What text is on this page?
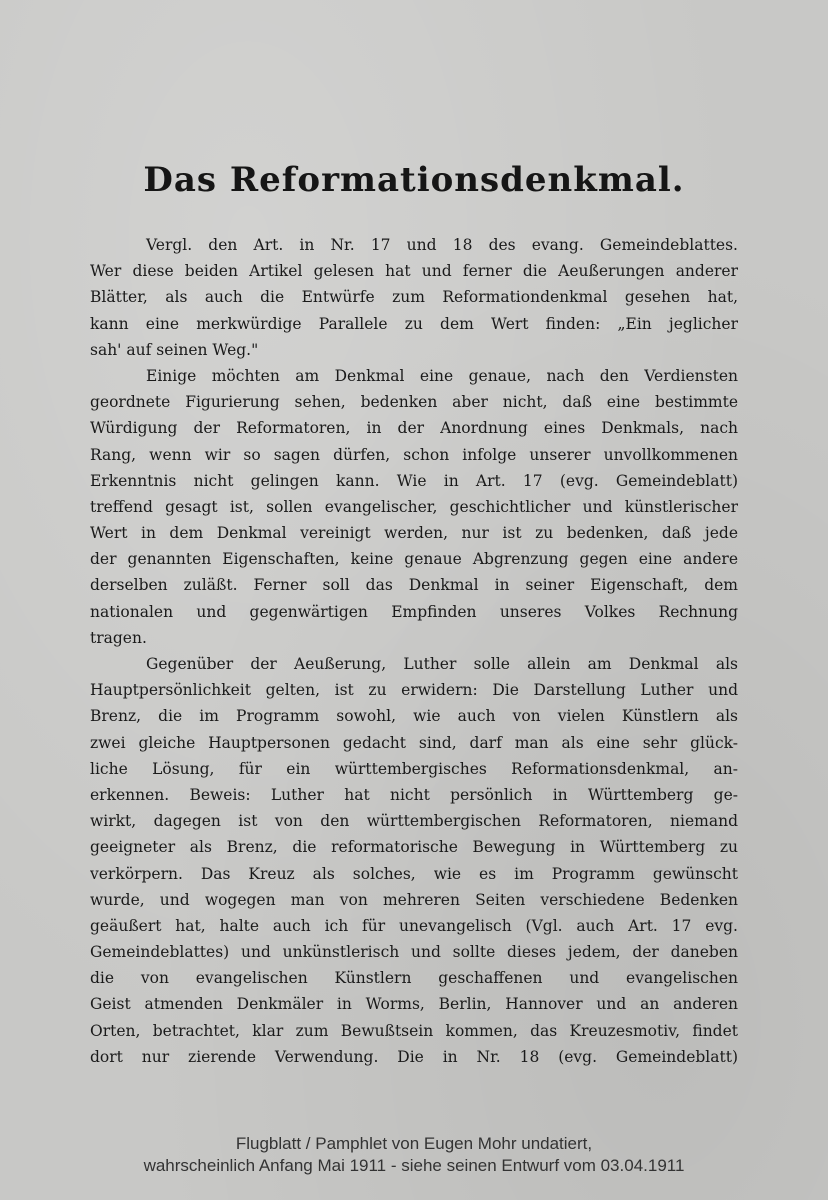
Das Reformationsdenkmal.
Vergl. den Art. in Nr. 17 und 18 des evang. Gemeindeblattes.
Wer diese beiden Artikel gelesen hat und ferner die Aeußerungen anderer
Blätter, als auch die Entwürfe zum Reformationdenkmal gesehen hat,
kann eine merkwürdige Parallele zu dem Wert finden: „Ein jeglicher
sah' auf seinen Weg."
Einige möchten am Denkmal eine genaue, nach den Verdiensten
geordnete Figurierung sehen, bedenken aber nicht, daß eine bestimmte
Würdigung der Reformatoren, in der Anordnung eines Denkmals, nach
Rang, wenn wir so sagen dürfen, schon infolge unserer unvollkommenen
Erkenntnis nicht gelingen kann. Wie in Art. 17 (evg. Gemeindeblatt)
treffend gesagt ist, sollen evangelischer, geschichtlicher und künstlerischer
Wert in dem Denkmal vereinigt werden, nur ist zu bedenken, daß jede
der genannten Eigenschaften, keine genaue Abgrenzung gegen eine andere
derselben zuläßt. Ferner soll das Denkmal in seiner Eigenschaft, dem
nationalen und gegenwärtigen Empfinden unseres Volkes Rechnung
tragen.
Gegenüber der Aeußerung, Luther solle allein am Denkmal als
Hauptpersönlichkeit gelten, ist zu erwidern: Die Darstellung Luther und
Brenz, die im Programm sowohl, wie auch von vielen Künstlern als
zwei gleiche Hauptpersonen gedacht sind, darf man als eine sehr glück-
liche Lösung, für ein württembergisches Reformationsdenkmal, an-
erkennen. Beweis: Luther hat nicht persönlich in Württemberg ge-
wirkt, dagegen ist von den württembergischen Reformatoren, niemand
geeigneter als Brenz, die reformatorische Bewegung in Württemberg zu
verkörpern. Das Kreuz als solches, wie es im Programm gewünscht
wurde, und wogegen man von mehreren Seiten verschiedene Bedenken
geäußert hat, halte auch ich für unevangelisch (Vgl. auch Art. 17 evg.
Gemeindeblattes) und unkünstlerisch und sollte dieses jedem, der daneben
die von evangelischen Künstlern geschaffenen und evangelischen
Geist atmenden Denkmäler in Worms, Berlin, Hannover und an anderen
Orten, betrachtet, klar zum Bewußtsein kommen, das Kreuzesmotiv, findet
dort nur zierende Verwendung. Die in Nr. 18 (evg. Gemeindeblatt)
Flugblatt / Pamphlet von Eugen Mohr undatiert,
wahrscheinlich Anfang Mai 1911 - siehe seinen Entwurf vom 03.04.1911
